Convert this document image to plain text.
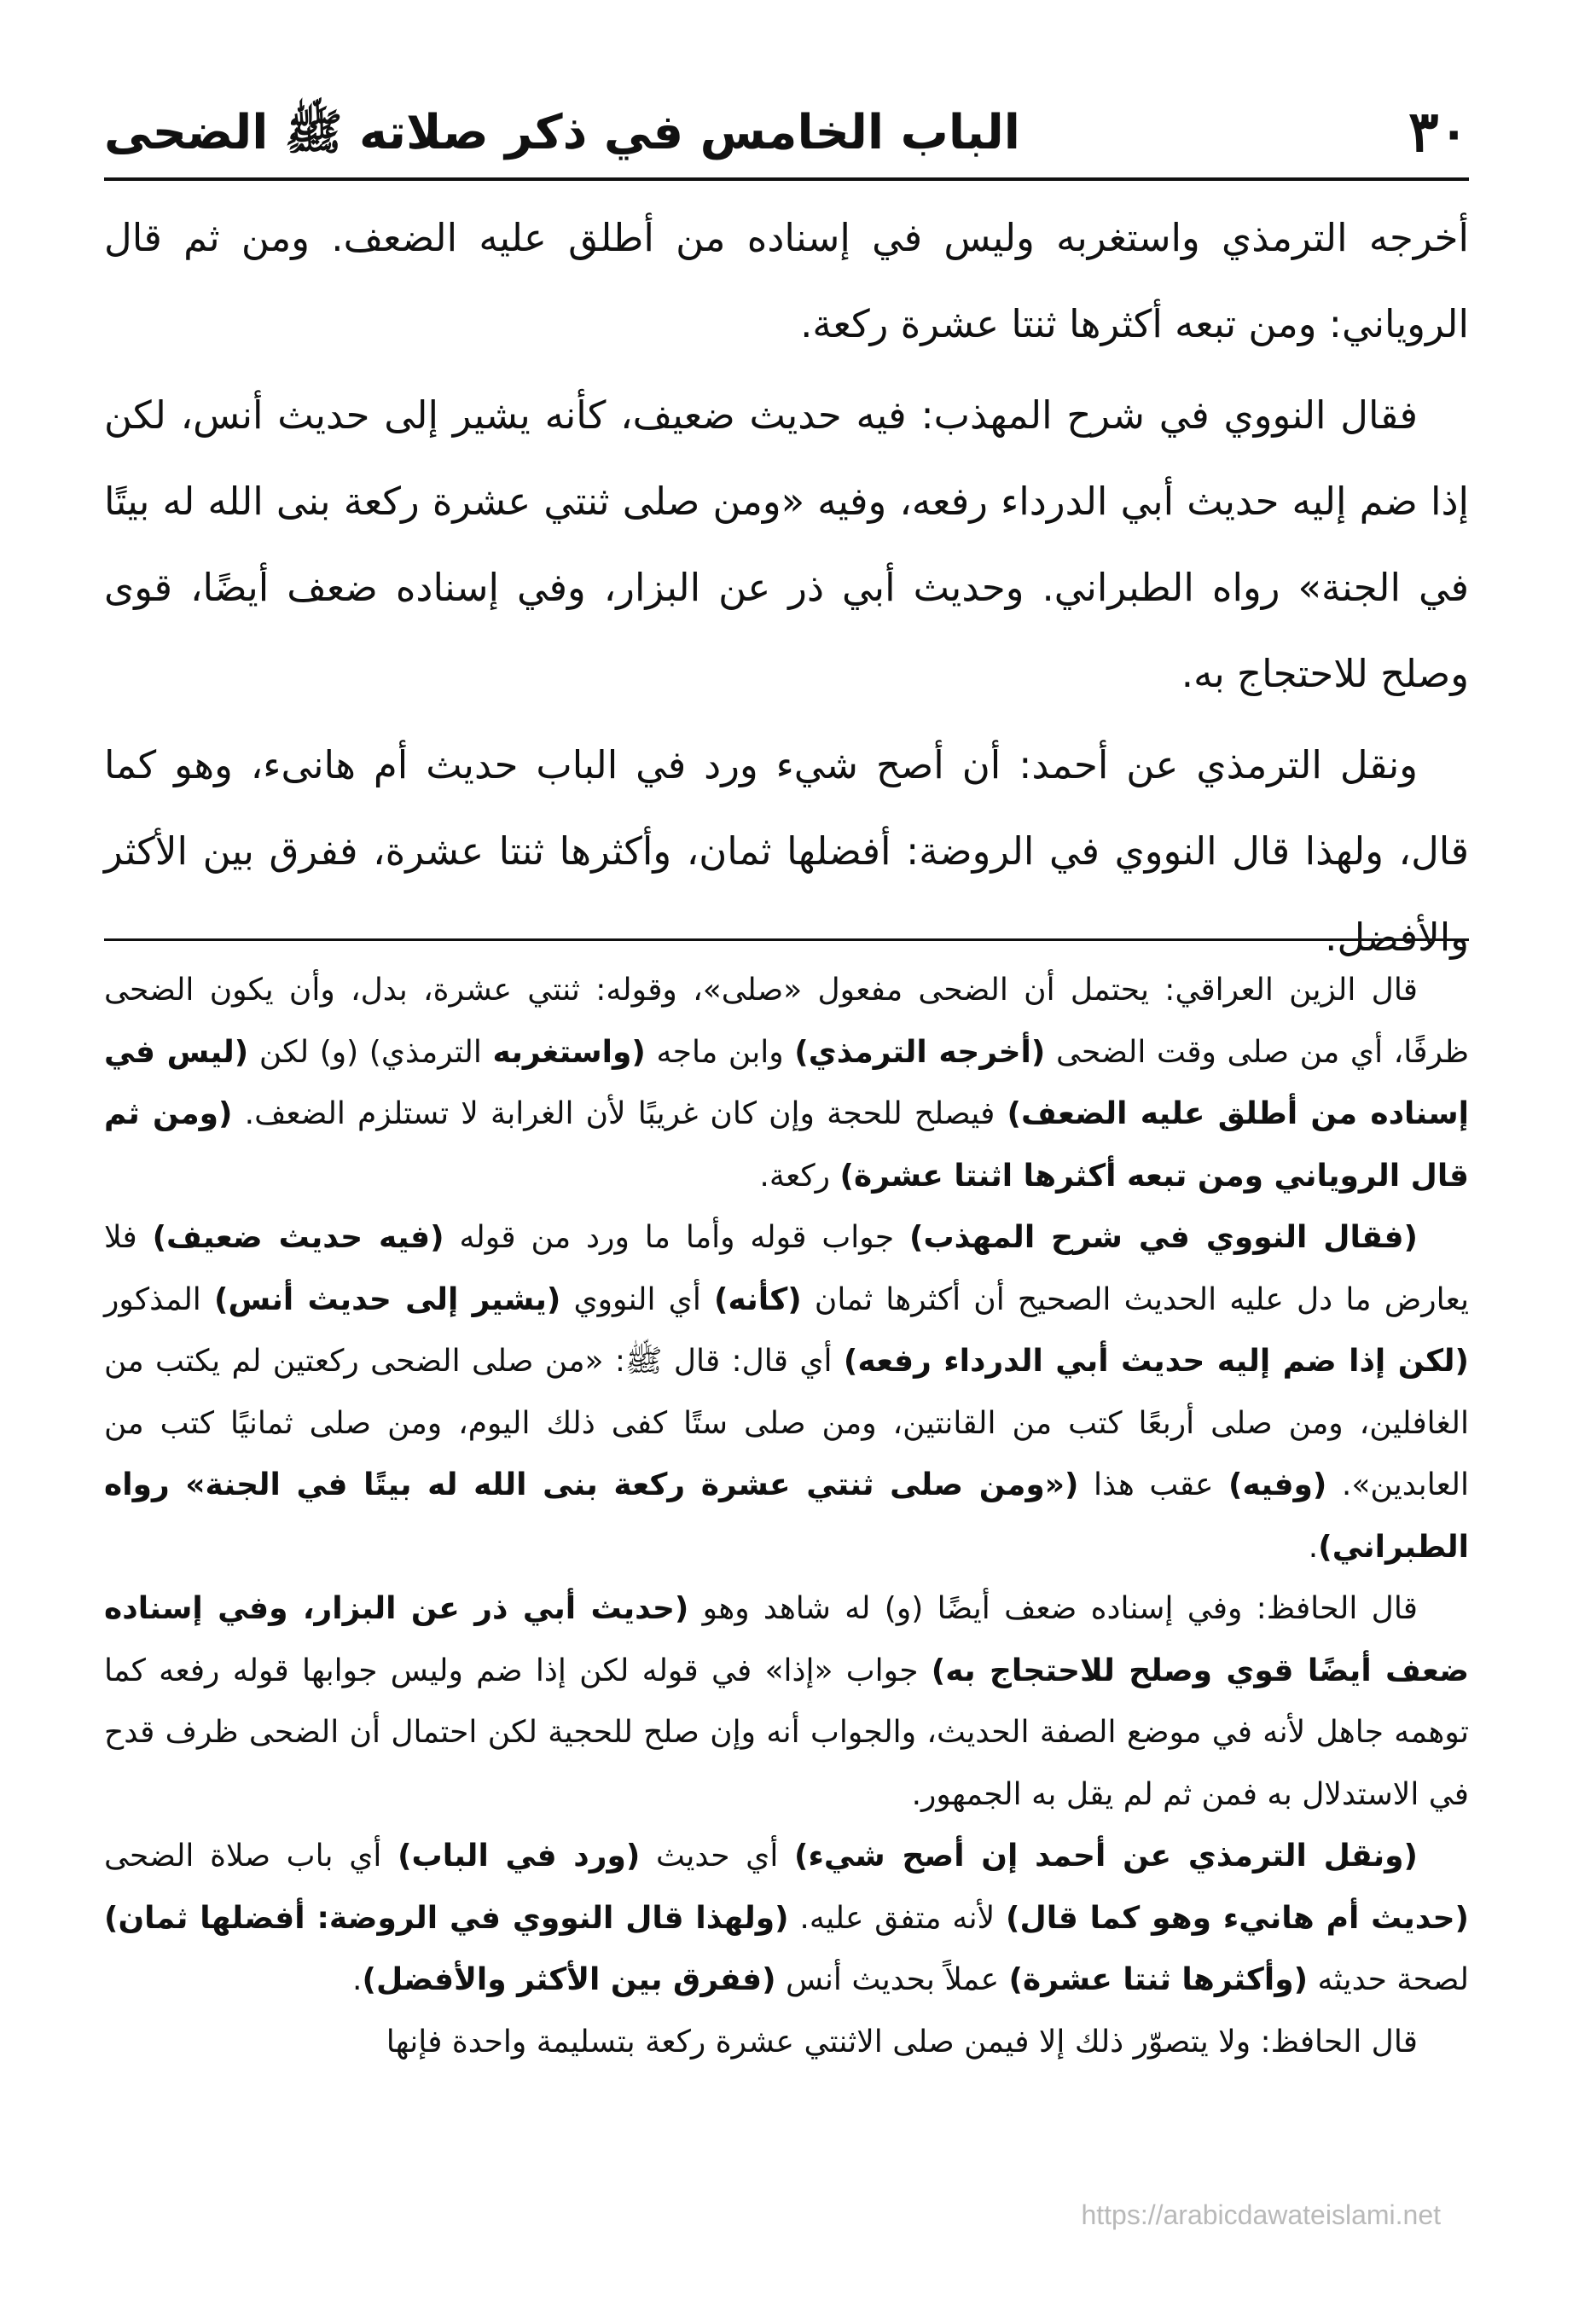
٣٠
الباب الخامس في ذكر صلاته ﷺ الضحى

أخرجه الترمذي واستغربه وليس في إسناده من أطلق عليه الضعف. ومن ثم قال الروياني: ومن تبعه أكثرها ثنتا عشرة ركعة.

فقال النووي في شرح المهذب: فيه حديث ضعيف، كأنه يشير إلى حديث أنس، لكن إذا ضم إليه حديث أبي الدرداء رفعه، وفيه «ومن صلى ثنتي عشرة ركعة بنى الله له بيتًا في الجنة» رواه الطبراني. وحديث أبي ذر عن البزار، وفي إسناده ضعف أيضًا، قوى وصلح للاحتجاج به.

ونقل الترمذي عن أحمد: أن أصح شيء ورد في الباب حديث أم هانىء، وهو كما قال، ولهذا قال النووي في الروضة: أفضلها ثمان، وأكثرها ثنتا عشرة، ففرق بين الأكثر والأفضل.

قال الزين العراقي: يحتمل أن الضحى مفعول «صلى»، وقوله: ثنتي عشرة، بدل، وأن يكون الضحى ظرفًا، أي من صلى وقت الضحى (أخرجه الترمذي) وابن ماجه (واستغربه الترمذي) (و) لكن (ليس في إسناده من أطلق عليه الضعف) فيصلح للحجة وإن كان غريبًا لأن الغرابة لا تستلزم الضعف. (ومن ثم قال الروياني ومن تبعه أكثرها اثنتا عشرة) ركعة.

(فقال النووي في شرح المهذب) جواب قوله وأما ما ورد من قوله (فيه حديث ضعيف) فلا يعارض ما دل عليه الحديث الصحيح أن أكثرها ثمان (كأنه) أي النووي (يشير إلى حديث أنس) المذكور (لكن إذا ضم إليه حديث أبي الدرداء رفعه) أي قال: قال ﷺ: «من صلى الضحى ركعتين لم يكتب من الغافلين، ومن صلى أربعًا كتب من القانتين، ومن صلى ستًا كفى ذلك اليوم، ومن صلى ثمانيًا كتب من العابدين». (وفيه) عقب هذا («ومن صلى ثنتي عشرة ركعة بنى الله له بيتًا في الجنة» رواه الطبراني).

قال الحافظ: وفي إسناده ضعف أيضًا (و) له شاهد وهو (حديث أبي ذر عن البزار، وفي إسناده ضعف أيضًا قوي وصلح للاحتجاج به) جواب «إذا» في قوله لكن إذا ضم وليس جوابها قوله رفعه كما توهمه جاهل لأنه في موضع الصفة الحديث، والجواب أنه وإن صلح للحجية لكن احتمال أن الضحى ظرف قدح في الاستدلال به فمن ثم لم يقل به الجمهور.

(ونقل الترمذي عن أحمد إن أصح شيء) أي حديث (ورد في الباب) أي باب صلاة الضحى (حديث أم هانيء وهو كما قال) لأنه متفق عليه. (ولهذا قال النووي في الروضة: أفضلها ثمان) لصحة حديثه (وأكثرها ثنتا عشرة) عملاً بحديث أنس (ففرق بين الأكثر والأفضل).

قال الحافظ: ولا يتصوّر ذلك إلا فيمن صلى الاثنتي عشرة ركعة بتسليمة واحدة فإنها

https://arabicdawateislami.net
